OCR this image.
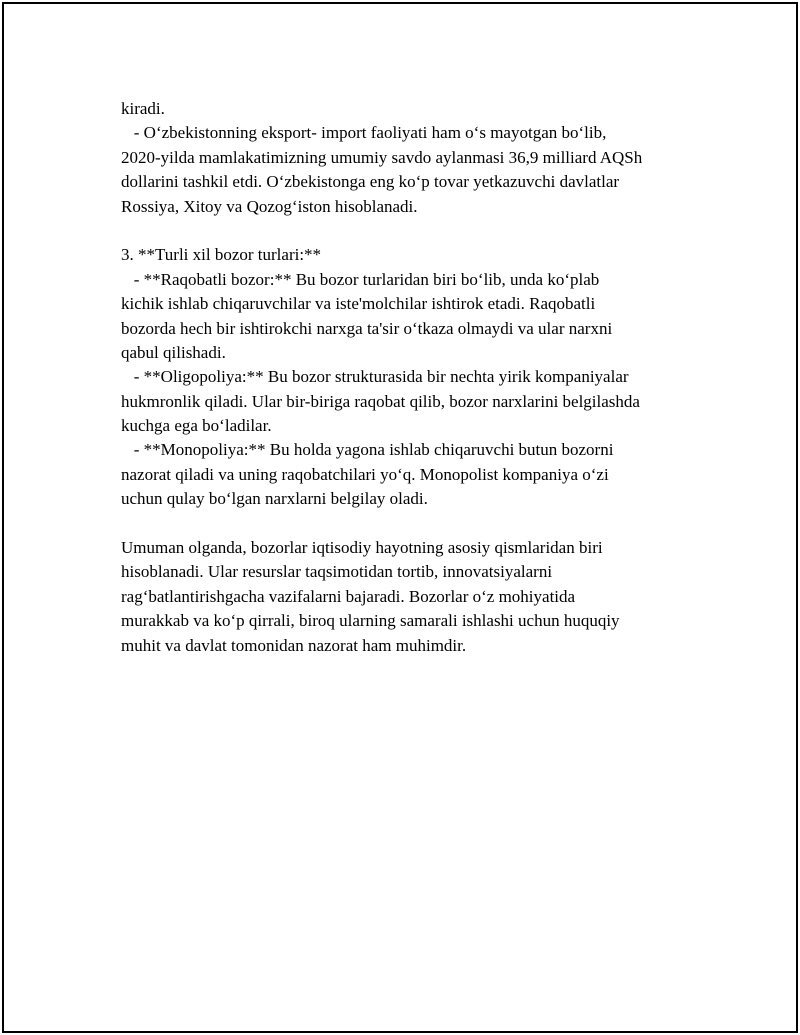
kiradi.
- O‘zbekistonning eksport- import faoliyati ham o‘s mayotgan bo‘lib,
2020-yilda mamlakatimizning umumiy savdo aylanmasi 36,9 milliard AQSh
dollarini tashkil etdi. O‘zbekistonga eng ko‘p tovar yetkazuvchi davlatlar
Rossiya, Xitoy va Qozog‘iston hisoblanadi.
3. **Turli xil bozor turlari:**
- **Raqobatli bozor:** Bu bozor turlaridan biri bo‘lib, unda ko‘plab
kichik ishlab chiqaruvchilar va iste'molchilar ishtirok etadi. Raqobatli
bozorda hech bir ishtirokchi narxga ta'sir o‘tkaza olmaydi va ular narxni
qabul qilishadi.
- **Oligopoliya:** Bu bozor strukturasida bir nechta yirik kompaniyalar
hukmronlik qiladi. Ular bir-biriga raqobat qilib, bozor narxlarini belgilashda
kuchga ega bo‘ladilar.
- **Monopoliya:** Bu holda yagona ishlab chiqaruvchi butun bozorni
nazorat qiladi va uning raqobatchilari yo‘q. Monopolist kompaniya o‘zi
uchun qulay bo‘lgan narxlarni belgilay oladi.
Umuman olganda, bozorlar iqtisodiy hayotning asosiy qismlaridan biri
hisoblanadi. Ular resurslar taqsimotidan tortib, innovatsiyalarni
rag‘batlantirishgacha vazifalarni bajaradi. Bozorlar o‘z mohiyatida
murakkab va ko‘p qirrali, biroq ularning samarali ishlashi uchun huquqiy
muhit va davlat tomonidan nazorat ham muhimdir.
